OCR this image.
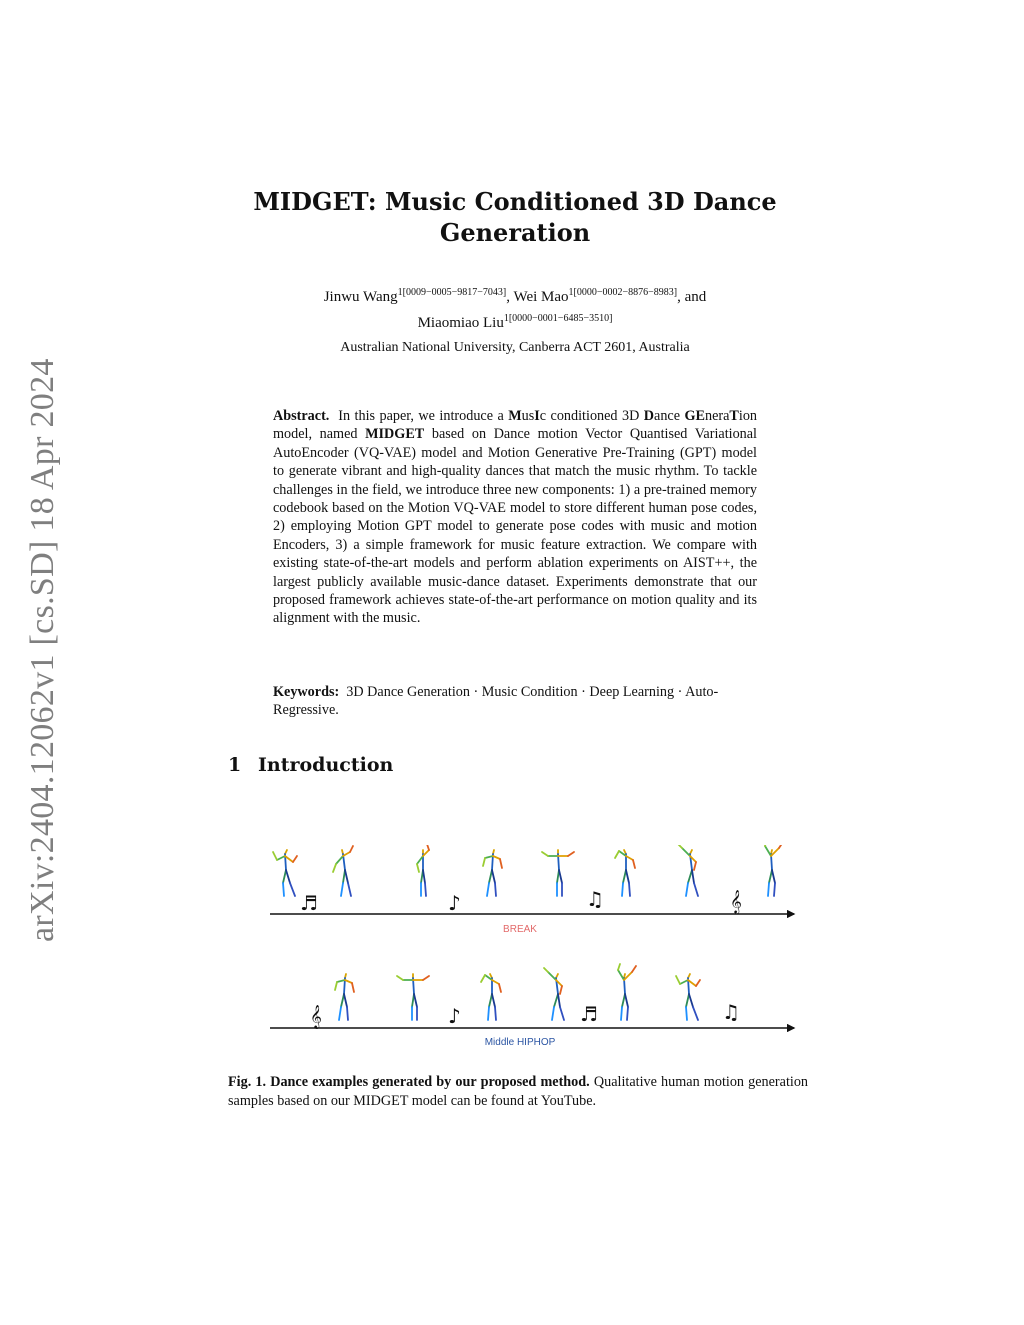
arXiv:2404.12062v1 [cs.SD] 18 Apr 2024
MIDGET: Music Conditioned 3D Dance Generation
Jinwu Wang$^{1[0009-0005-9817-7043]}$, Wei Mao$^{1[0000-0002-8876-8983]}$, and
Miaomiao Liu$^{1[0000-0001-6485-3510]}$
Australian National University, Canberra ACT 2601, Australia
Abstract. In this paper, we introduce a MusIc conditioned 3D Dance GEneraTion model, named MIDGET based on Dance motion Vector Quantised Variational AutoEncoder (VQ-VAE) model and Motion Generative Pre-Training (GPT) model to generate vibrant and high-quality dances that match the music rhythm. To tackle challenges in the field, we introduce three new components: 1) a pre-trained memory codebook based on the Motion VQ-VAE model to store different human pose codes, 2) employing Motion GPT model to generate pose codes with music and motion Encoders, 3) a simple framework for music feature extraction. We compare with existing state-of-the-art models and perform ablation experiments on AIST++, the largest publicly available music-dance dataset. Experiments demonstrate that our proposed framework achieves state-of-the-art performance on motion quality and its alignment with the music.
Keywords: 3D Dance Generation · Music Condition · Deep Learning · Auto-Regressive.
1 Introduction
♬	♪	♫	𝄞
BREAK
𝄞	♪	♬	♫
Middle HIPHOP
Fig. 1. Dance examples generated by our proposed method. Qualitative human motion generation samples based on our MIDGET model can be found at YouTube.
